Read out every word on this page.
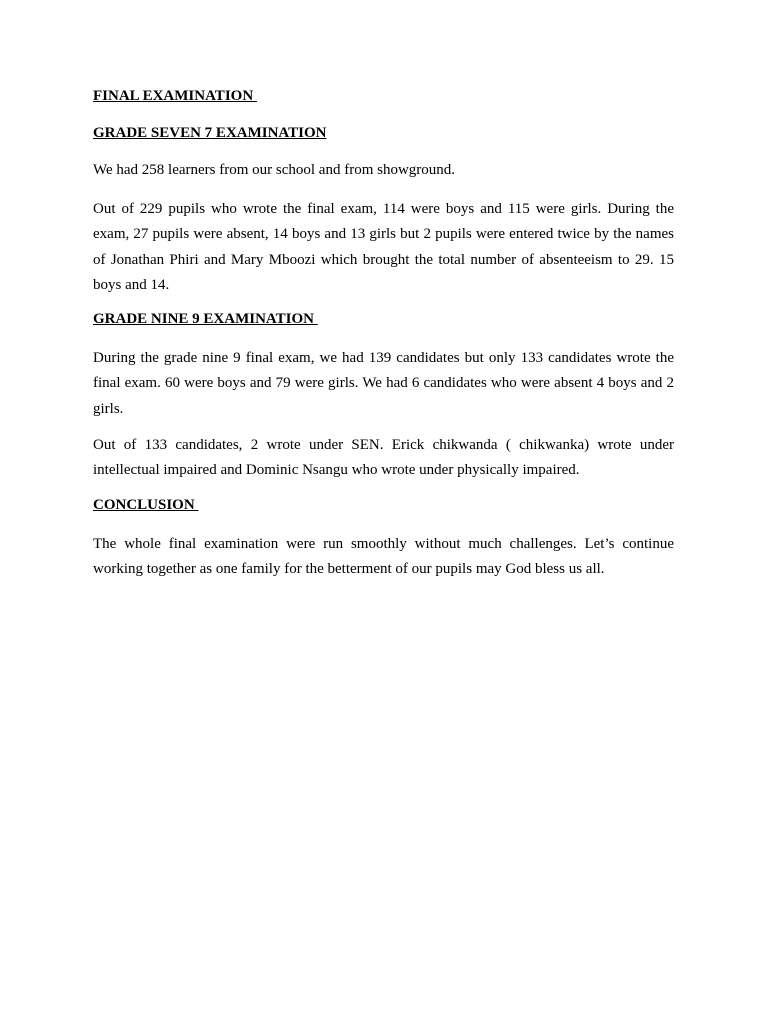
FINAL EXAMINATION
GRADE SEVEN 7 EXAMINATION

We had 258 learners from our school and from showground.

Out of 229 pupils who wrote the final exam, 114 were boys and 115 were girls. During the exam, 27 pupils were absent, 14 boys and 13 girls but 2 pupils were entered twice by the names of Jonathan Phiri and Mary Mboozi which brought the total number of absenteeism to 29. 15 boys and 14.

GRADE NINE 9 EXAMINATION

During the grade nine 9 final exam, we had 139 candidates but only 133 candidates wrote the final exam. 60 were boys and 79 were girls. We had 6 candidates who were absent 4 boys and 2 girls.

Out of 133 candidates, 2 wrote under SEN. Erick chikwanda ( chikwanka) wrote under intellectual impaired and Dominic Nsangu who wrote under physically impaired.

CONCLUSION

The whole final examination were run smoothly without much challenges. Let’s continue working together as one family for the betterment of our pupils may God bless us all.
